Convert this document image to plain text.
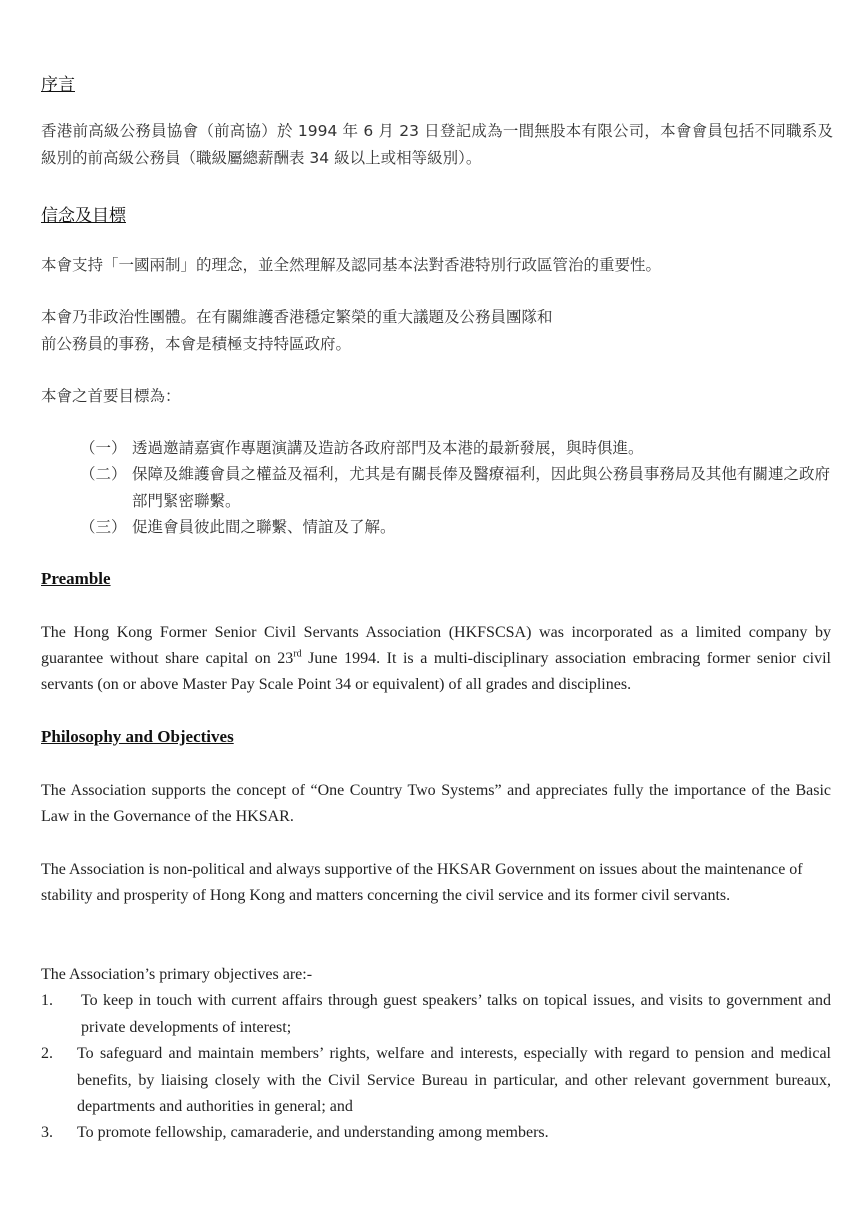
序言
香港前高級公務員協會（前高協）於 1994 年 6 月 23 日登記成為一間無股本有限公司，本會會員包括不同職系及級別的前高級公務員（職級屬總薪酬表 34 級以上或相等級別）。
信念及目標
本會支持「一國兩制」的理念，並全然理解及認同基本法對香港特別行政區管治的重要性。
本會乃非政治性團體。在有關維護香港穩定繁榮的重大議題及公務員團隊和
前公務員的事務，本會是積極支持特區政府。
本會之首要目標為：
（一） 透過邀請嘉賓作專題演講及造訪各政府部門及本港的最新發展，與時俱進。
（二） 保障及維護會員之權益及福利，尤其是有關長俸及醫療福利，因此與公務員事務局及其他有關連之政府部門緊密聯繫。
（三） 促進會員彼此間之聯繫、情誼及了解。
Preamble
The Hong Kong Former Senior Civil Servants Association (HKFSCSA) was incorporated as a limited company by guarantee without share capital on 23rd June 1994. It is a multi-disciplinary association embracing former senior civil servants (on or above Master Pay Scale Point 34 or equivalent) of all grades and disciplines.
Philosophy and Objectives
The Association supports the concept of “One Country Two Systems” and appreciates fully the importance of the Basic Law in the Governance of the HKSAR.
The Association is non-political and always supportive of the HKSAR Government on issues about the maintenance of stability and prosperity of Hong Kong and matters concerning the civil service and its former civil servants.
The Association’s primary objectives are:-
1. To keep in touch with current affairs through guest speakers’ talks on topical issues, and visits to government and private developments of interest;
2. To safeguard and maintain members’ rights, welfare and interests, especially with regard to pension and medical benefits, by liaising closely with the Civil Service Bureau in particular, and other relevant government bureaux, departments and authorities in general; and
3. To promote fellowship, camaraderie, and understanding among members.
